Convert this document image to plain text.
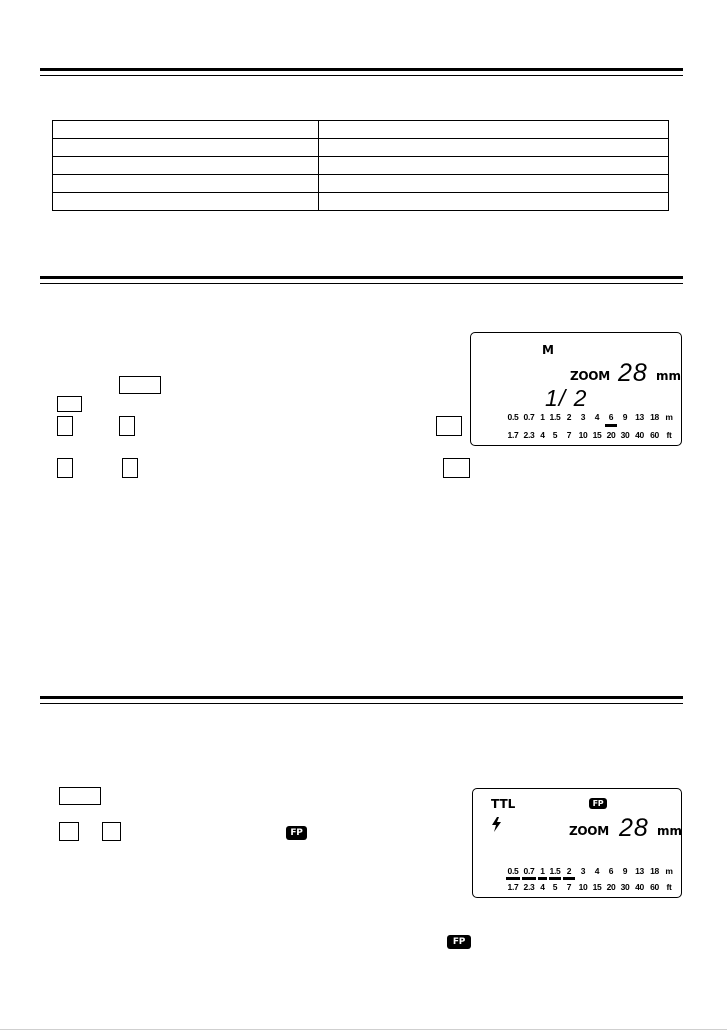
M
ZOOM 28 mm
1/ 2
0.5 0.7 1 1.5 2	3	4	6	9 13 18 m
1.7 2.3 4 5	7 10 15 20 30 40 60 ft
FP
TTL	FP
ZOOM 28 mm
0.5 0.7 1 1.5 2	3	4	6	9 13 18 m
1.7 2.3 4 5	7 10 15 20 30 40 60 ft
FP
